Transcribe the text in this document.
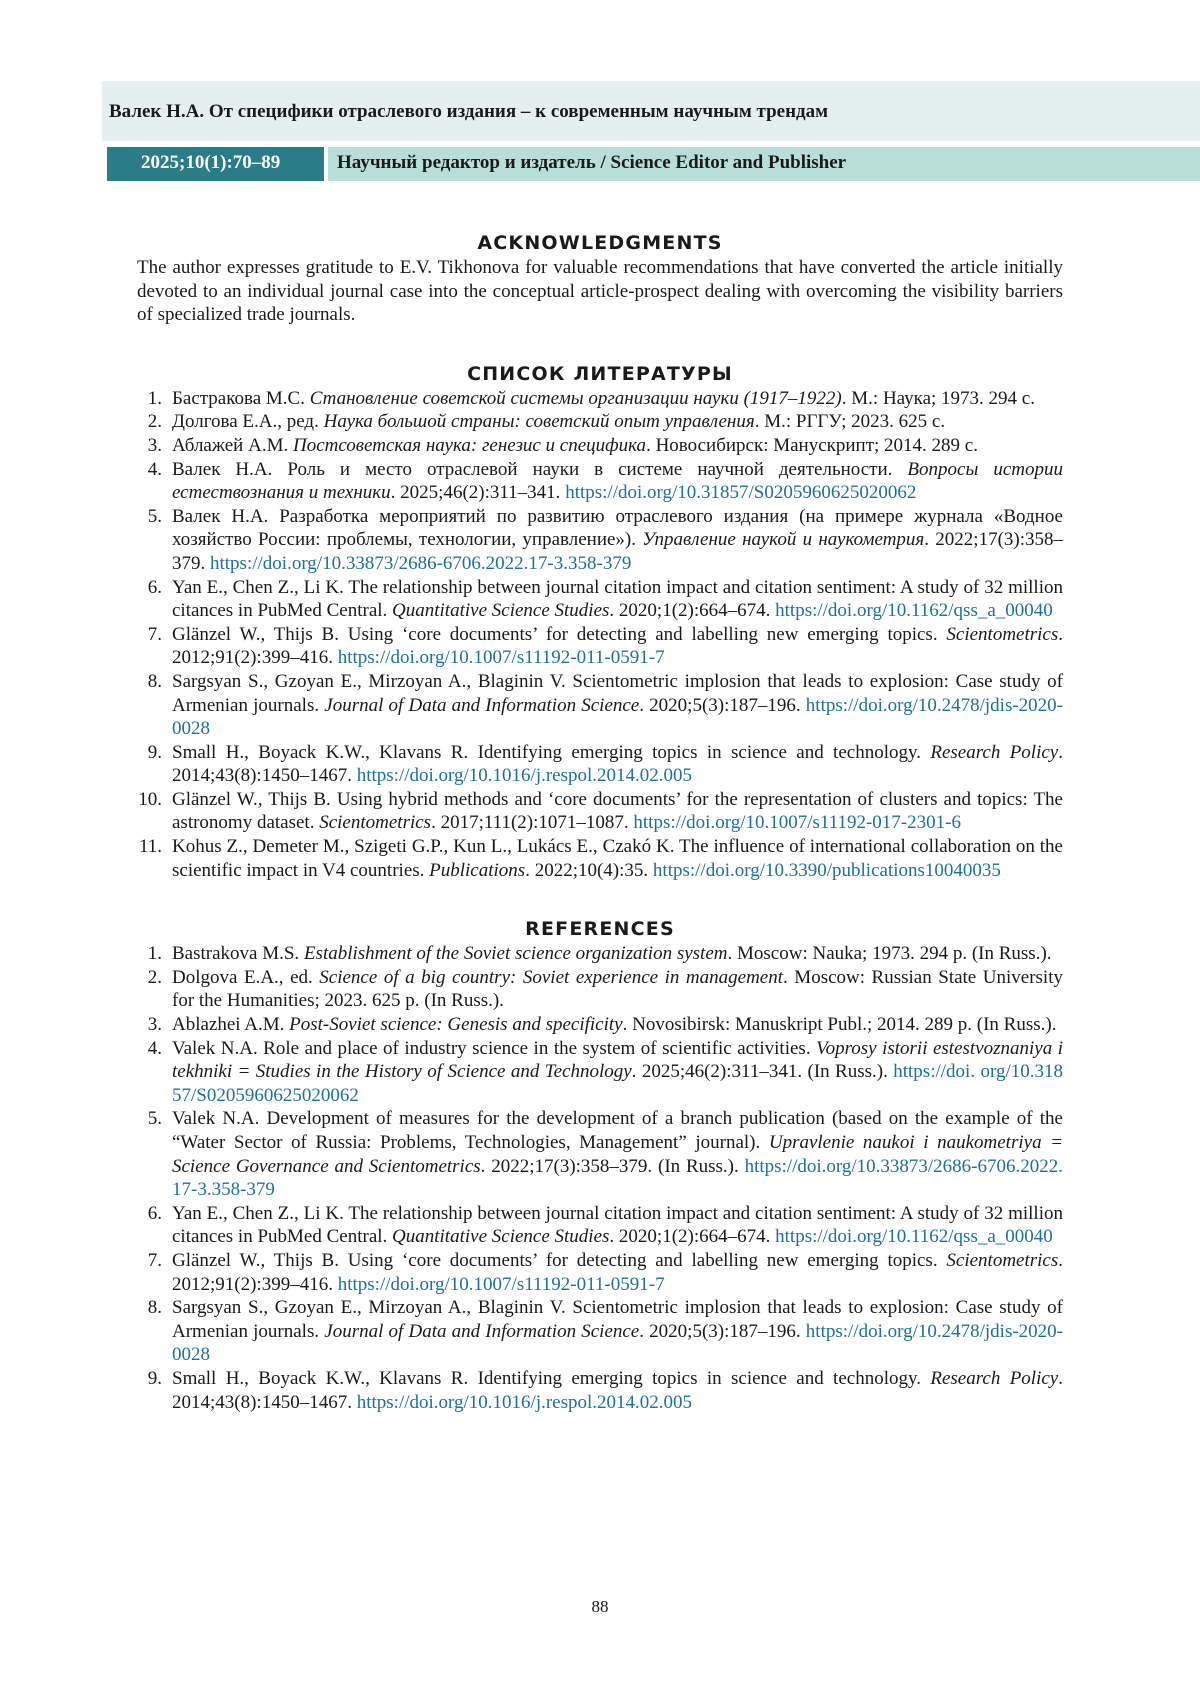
Валек Н.А. От специфики отраслевого издания – к современным научным трендам
2025;10(1):70–89	Научный редактор и издатель / Science Editor and Publisher
ACKNOWLEDGMENTS

The author expresses gratitude to E.V. Tikhonova for valuable recommendations that have converted the article initially devoted to an individual journal case into the conceptual article-prospect dealing with overcoming the visibility barriers of specialized trade journals.

СПИСОК ЛИТЕРАТУРЫ
1. Бастракова М.С. Становление советской системы организации науки (1917–1922). М.: Наука; 1973. 294 с.
2. Долгова Е.А., ред. Наука большой страны: советский опыт управления. М.: РГГУ; 2023. 625 с.
3. Аблажей А.М. Постсоветская наука: генезис и специфика. Новосибирск: Манускрипт; 2014. 289 с.
4. Валек Н.А. Роль и место отраслевой науки в системе научной деятельности. Вопросы истории естествознания и техники. 2025;46(2):311–341. https://doi.org/10.31857/S0205960625020062
5. Валек Н.А. Разработка мероприятий по развитию отраслевого издания (на примере журнала «Водное хозяйство России: проблемы, технологии, управление»). Управление наукой и наукометрия. 2022;17(3):358–379. https://doi.org/10.33873/2686-6706.2022.17-3.358-379
6. Yan E., Chen Z., Li K. The relationship between journal citation impact and citation sentiment: A study of 32 million citances in PubMed Central. Quantitative Science Studies. 2020;1(2):664–674. https://doi.org/10.1162/qss_a_00040
7. Glänzel W., Thijs B. Using ‘core documents’ for detecting and labelling new emerging topics. Scientometrics. 2012;91(2):399–416. https://doi.org/10.1007/s11192-011-0591-7
8. Sargsyan S., Gzoyan E., Mirzoyan A., Blaginin V. Scientometric implosion that leads to explosion: Case study of Armenian journals. Journal of Data and Information Science. 2020;5(3):187–196. https://doi.org/10.2478/jdis-2020-0028
9. Small H., Boyack K.W., Klavans R. Identifying emerging topics in science and technology. Research Policy. 2014;43(8):1450–1467. https://doi.org/10.1016/j.respol.2014.02.005
10. Glänzel W., Thijs B. Using hybrid methods and ‘core documents’ for the representation of clusters and topics: The astronomy dataset. Scientometrics. 2017;111(2):1071–1087. https://doi.org/10.1007/s11192-017-2301-6
11. Kohus Z., Demeter M., Szigeti G.P., Kun L., Lukács E., Czakó K. The influence of international collaboration on the scientific impact in V4 countries. Publications. 2022;10(4):35. https://doi.org/10.3390/publications10040035
REFERENCES
1. Bastrakova M.S. Establishment of the Soviet science organization system. Moscow: Nauka; 1973. 294 p. (In Russ.).
2. Dolgova E.A., ed. Science of a big country: Soviet experience in management. Moscow: Russian State University for the Humanities; 2023. 625 p. (In Russ.).
3. Ablazhei A.M. Post-Soviet science: Genesis and specificity. Novosibirsk: Manuskript Publ.; 2014. 289 p. (In Russ.).
4. Valek N.A. Role and place of industry science in the system of scientific activities. Voprosy istorii estestvoznaniya i tekhniki = Studies in the History of Science and Technology. 2025;46(2):311–341. (In Russ.). https://doi. org/10.31857/S0205960625020062
5. Valek N.A. Development of measures for the development of a branch publication (based on the example of the “Water Sector of Russia: Problems, Technologies, Management” journal). Upravlenie naukoi i naukometriya = Science Governance and Scientometrics. 2022;17(3):358–379. (In Russ.). https://doi.org/10.33873/2686-6706.2022.17-3.358-379
6. Yan E., Chen Z., Li K. The relationship between journal citation impact and citation sentiment: A study of 32 million citances in PubMed Central. Quantitative Science Studies. 2020;1(2):664–674. https://doi.org/10.1162/qss_a_00040
7. Glänzel W., Thijs B. Using ‘core documents’ for detecting and labelling new emerging topics. Scientometrics. 2012;91(2):399–416. https://doi.org/10.1007/s11192-011-0591-7
8. Sargsyan S., Gzoyan E., Mirzoyan A., Blaginin V. Scientometric implosion that leads to explosion: Case study of Armenian journals. Journal of Data and Information Science. 2020;5(3):187–196. https://doi.org/10.2478/jdis-2020-0028
9. Small H., Boyack K.W., Klavans R. Identifying emerging topics in science and technology. Research Policy. 2014;43(8):1450–1467. https://doi.org/10.1016/j.respol.2014.02.005
88
